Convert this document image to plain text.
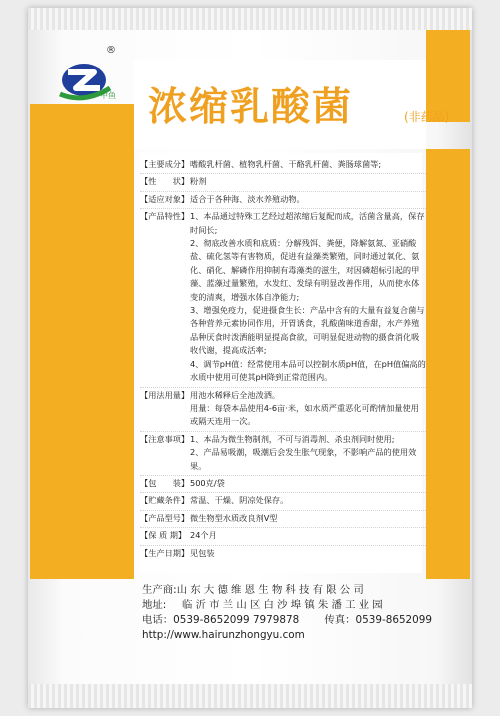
®
中鱼 浓缩乳酸菌	(非药品)
【主要成分】 嗜酸乳杆菌、植物乳杆菌、干酪乳杆菌、粪肠球菌等;

【性　　状】 粉剂

【适应对象】 适合于各种海、淡水养殖动物。

【产品特性】 1、本品通过特殊工艺经过超浓缩后复配而成，活菌含量高，保存时间长;

2、彻底改善水质和底质：分解残饵、粪便，降解氨氮、亚硝酸盐、硫化氢等有害物质，促进有益藻类繁殖，同时通过氧化、氨化、硝化、解磷作用抑制有毒藻类的滋生，对因磷超标引起的甲藻、蓝藻过量繁殖，水发红、发绿有明显改善作用，从而使水体变的清爽，增强水体自净能力;

3、增强免疫力，促进摄食生长：产品中含有的大量有益复合菌与各种营养元素协同作用，开胃诱食，乳酸菌味道香甜，水产养殖品种厌食时泼洒能明显提高食欲，可明显促进动物的摄食消化吸收代谢，提高成活率;

4、调节pH值：经常使用本品可以控制水质pH值，在pH值偏高的水质中使用可使其pH降到正常范围内。

【用法用量】 用池水稀释后全池泼洒。

用量：每袋本品使用4-6亩·米，如水质严重恶化可酌情加量使用或隔天连用一次。

【注意事项】 1、本品为微生物制剂，不可与消毒剂、杀虫剂同时使用;

2、产品易吸潮，吸潮后会发生胀气现象，不影响产品的使用效果。

【包　　装】 500克/袋

【贮藏条件】 常温、干燥、阴凉处保存。

【产品型号】 微生物型水质改良剂Ⅴ型

【保 质 期】 24个月

【生产日期】 见包装

生产商: 山东大德维恩生物科技有限公司
地址:	临沂市兰山区白沙埠镇朱潘工业园
电话：0539-8652099 7979878 传真：0539-8652099
http://www.hairunzhongyu.com
